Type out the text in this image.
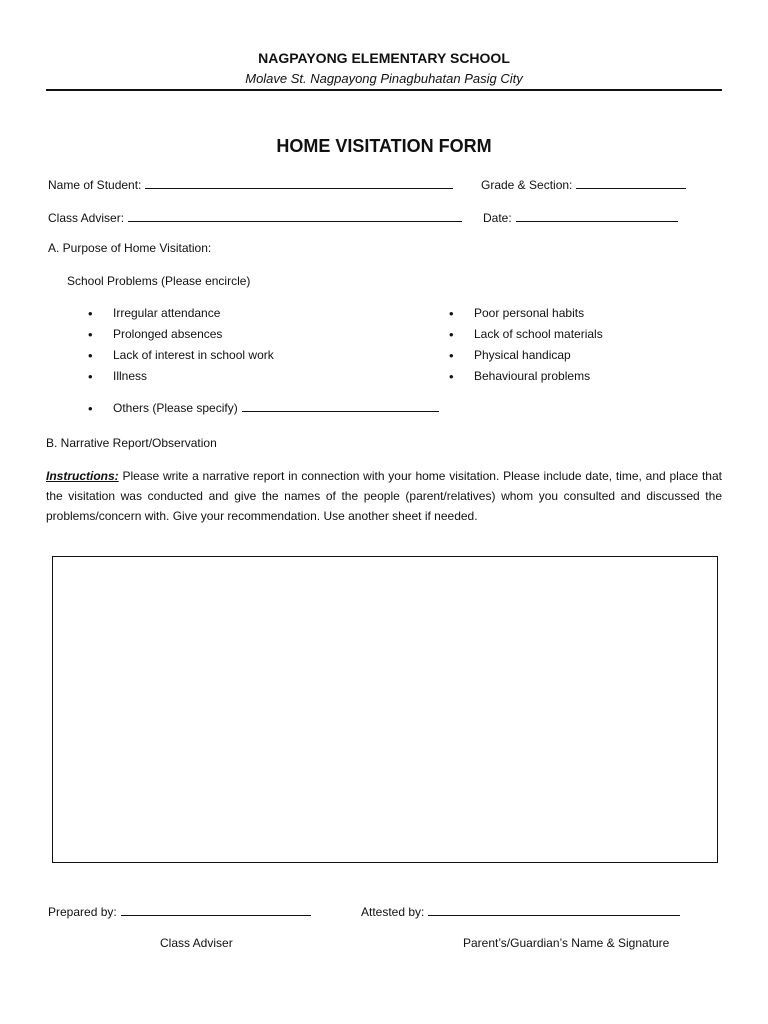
NAGPAYONG ELEMENTARY SCHOOL
Molave St. Nagpayong Pinagbuhatan Pasig City
HOME VISITATION FORM
Name of Student:	Grade & Section:
Class Adviser:	Date:
A. Purpose of Home Visitation:
School Problems (Please encircle)
• Irregular attendance
• Prolonged absences
• Lack of interest in school work
• Illness
• Poor personal habits
• Lack of school materials
• Physical handicap
• Behavioural problems
• Others (Please specify)
B. Narrative Report/Observation
Instructions: Please write a narrative report in connection with your home visitation. Please include date, time, and place that the visitation was conducted and give the names of the people (parent/relatives) whom you consulted and discussed the problems/concern with. Give your recommendation. Use another sheet if needed.
Prepared by:	Attested by:
Class Adviser	Parent’s/Guardian’s Name & Signature
